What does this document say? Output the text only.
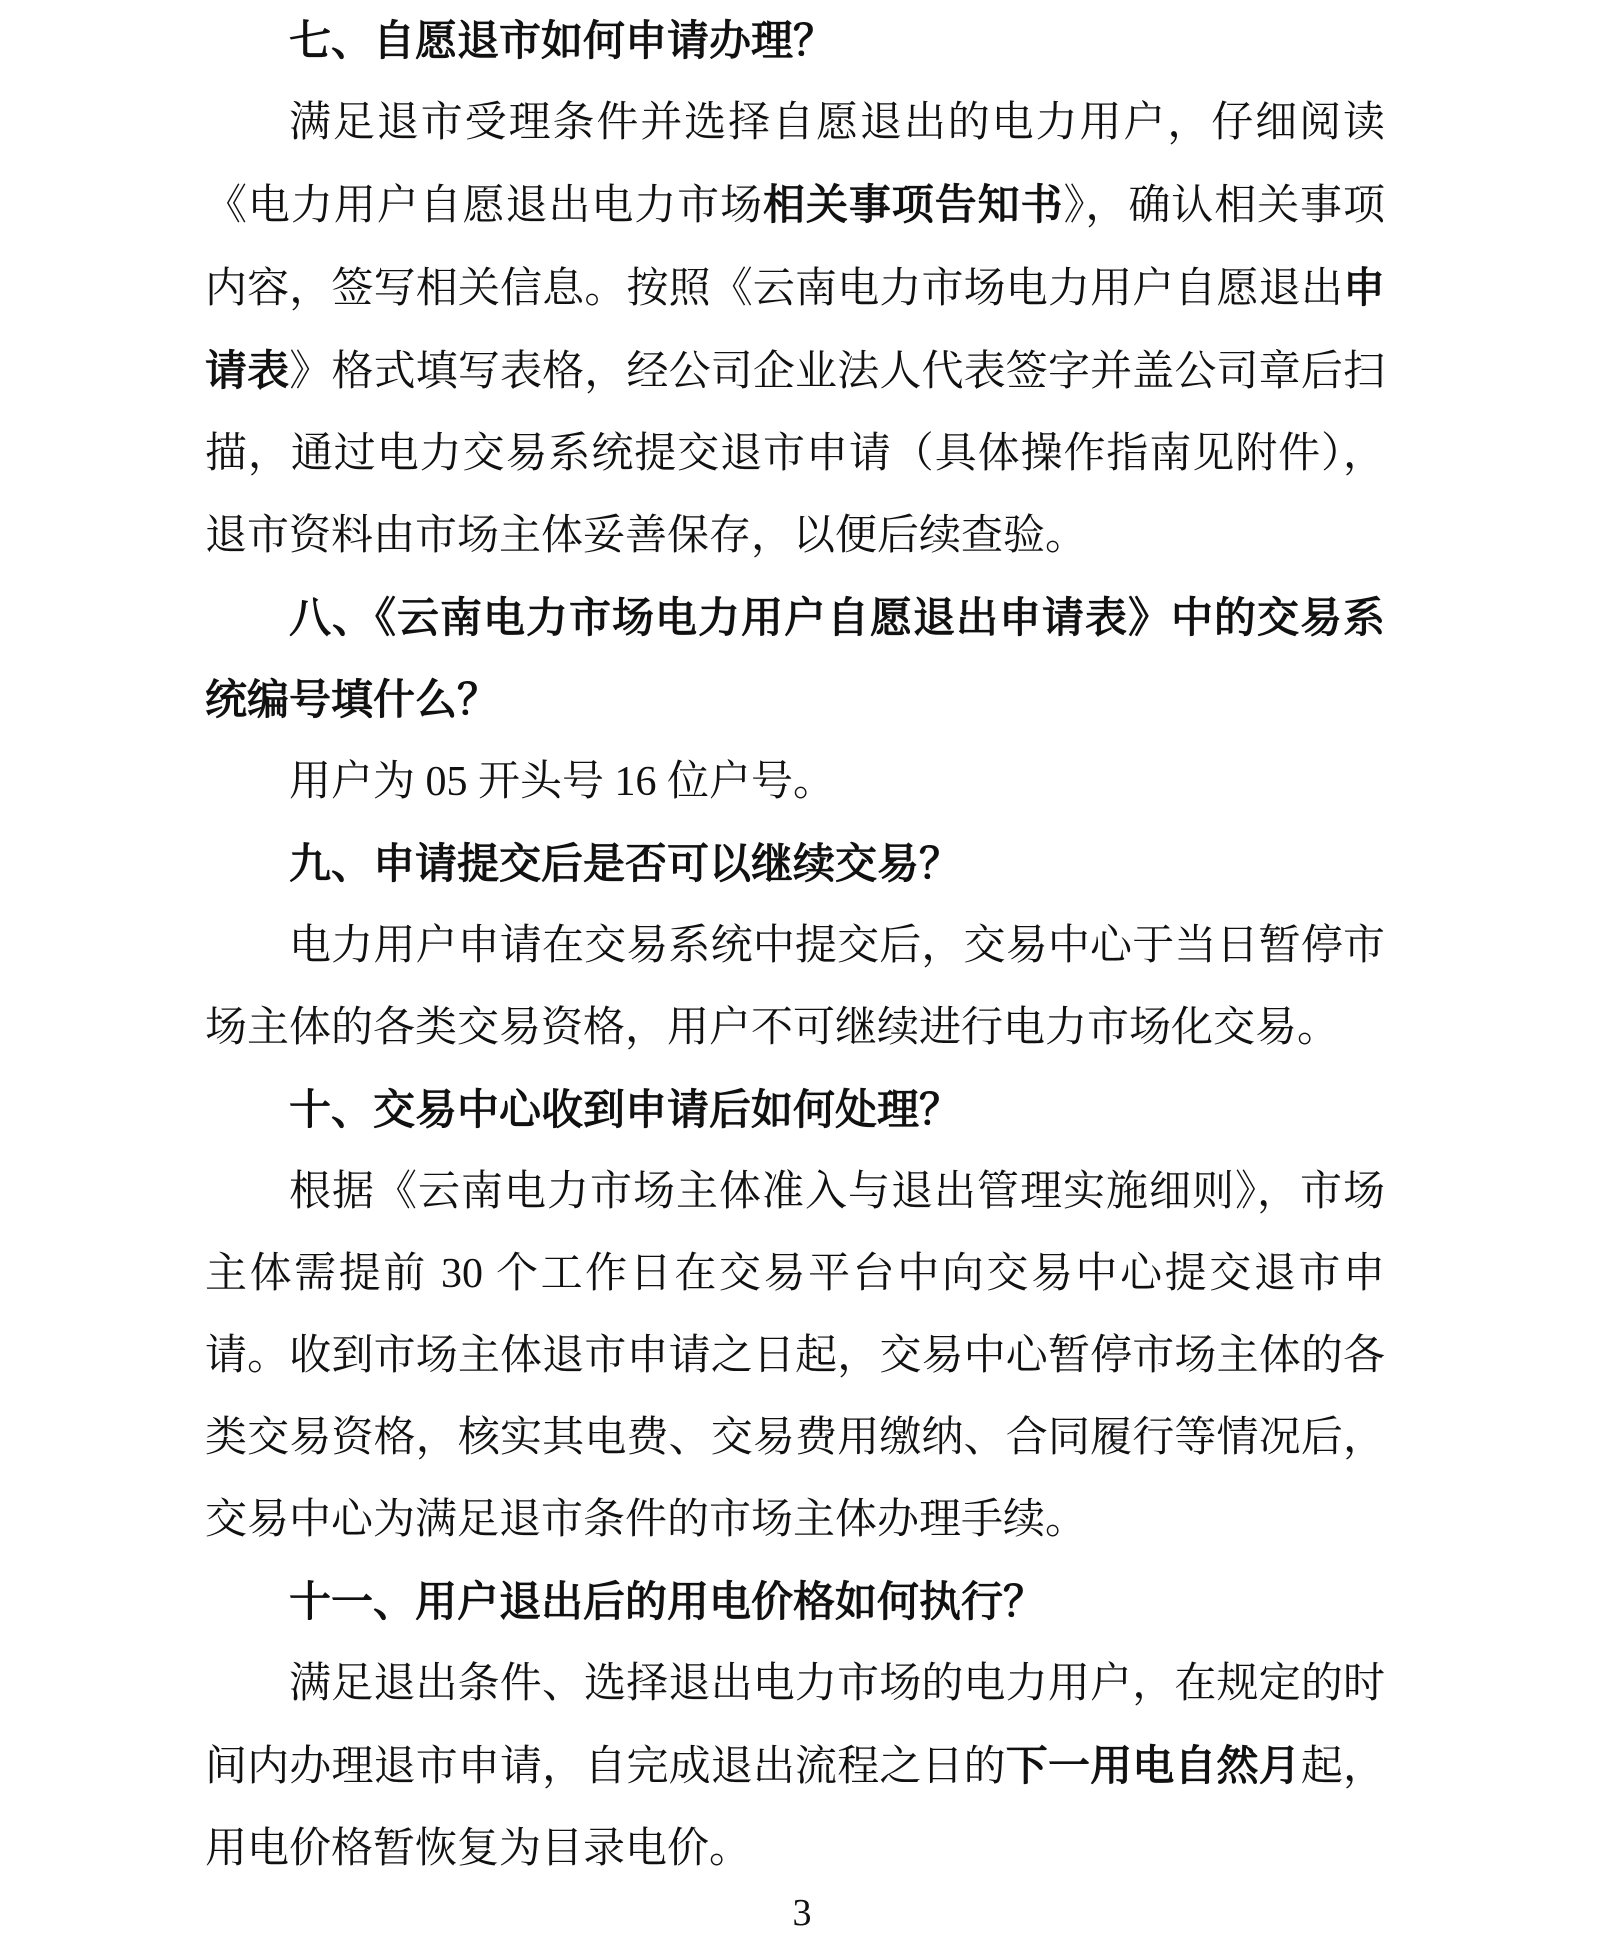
七、自愿退市如何申请办理？

满足退市受理条件并选择自愿退出的电力用户，仔细阅读《电力用户自愿退出电力市场相关事项告知书》，确认相关事项内容，签写相关信息。按照《云南电力市场电力用户自愿退出申请表》格式填写表格，经公司企业法人代表签字并盖公司章后扫描，通过电力交易系统提交退市申请（具体操作指南见附件），退市资料由市场主体妥善保存，以便后续查验。

八、《云南电力市场电力用户自愿退出申请表》中的交易系统编号填什么？

用户为 05 开头号 16 位户号。

九、申请提交后是否可以继续交易？

电力用户申请在交易系统中提交后，交易中心于当日暂停市场主体的各类交易资格，用户不可继续进行电力市场化交易。

十、交易中心收到申请后如何处理？

根据《云南电力市场主体准入与退出管理实施细则》，市场主体需提前 30 个工作日在交易平台中向交易中心提交退市申请。收到市场主体退市申请之日起，交易中心暂停市场主体的各类交易资格，核实其电费、交易费用缴纳、合同履行等情况后，交易中心为满足退市条件的市场主体办理手续。

十一、用户退出后的用电价格如何执行？

满足退出条件、选择退出电力市场的电力用户，在规定的时间内办理退市申请，自完成退出流程之日的下一用电自然月起，用电价格暂恢复为目录电价。

3
